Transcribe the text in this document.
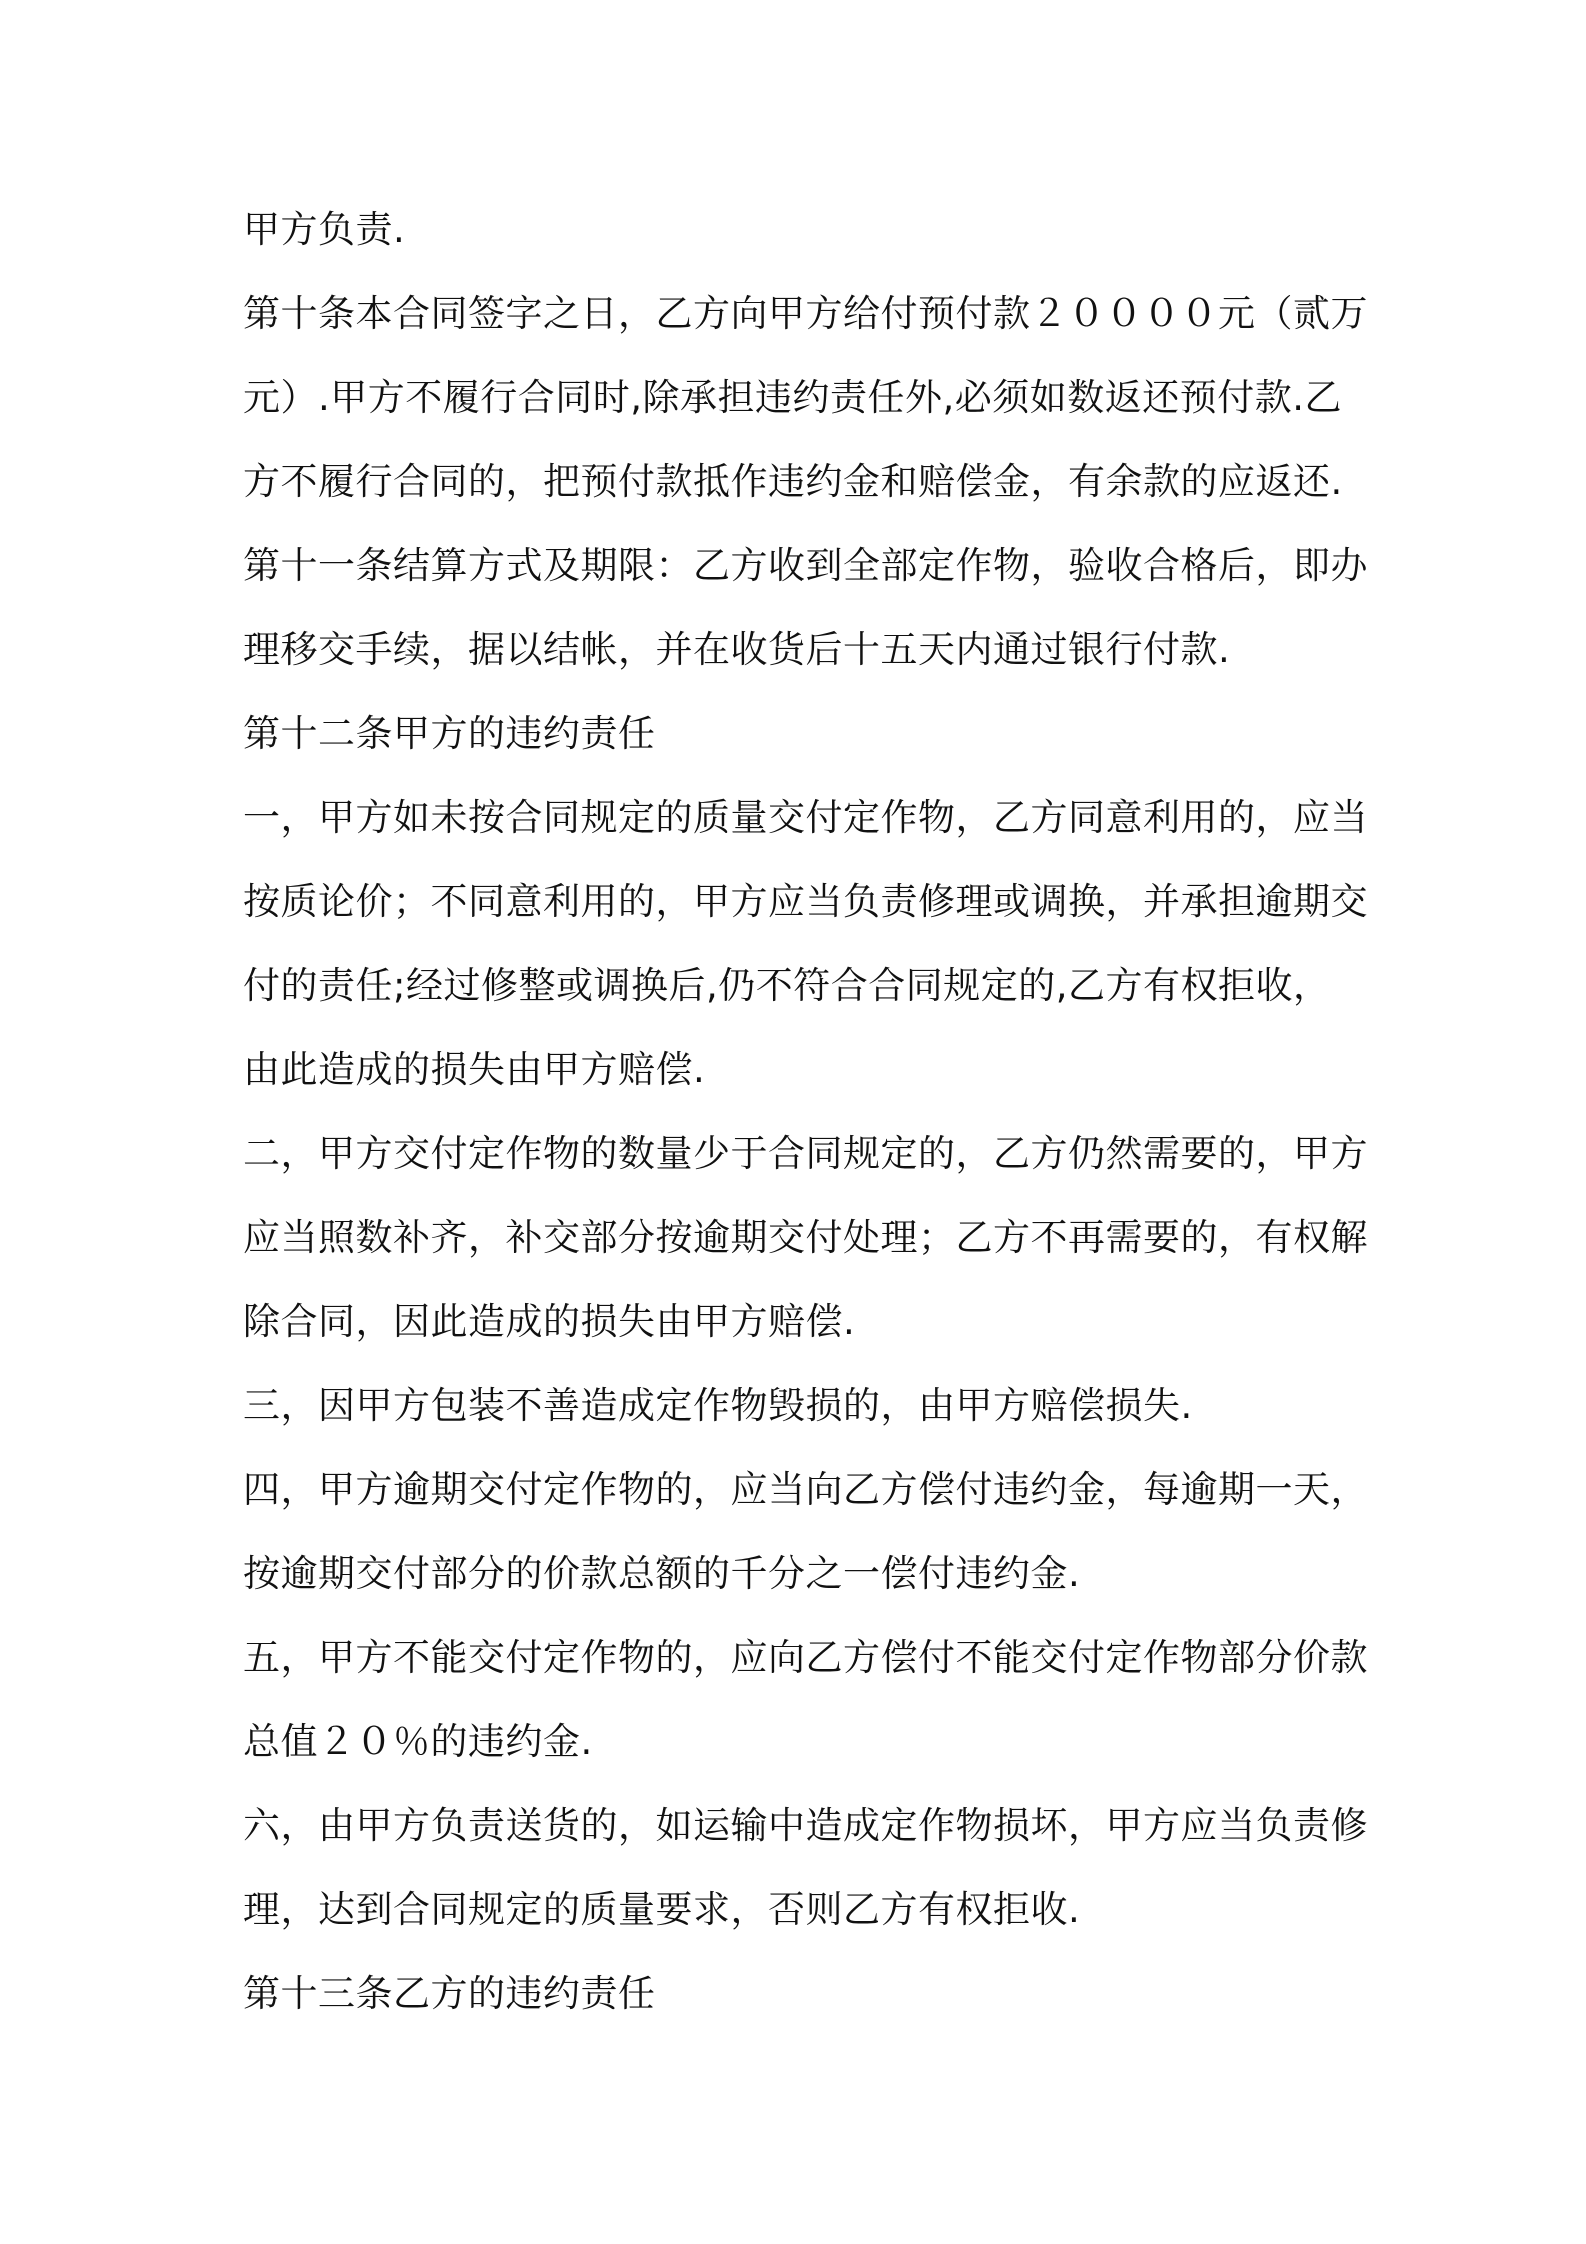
甲方负责.
第十条本合同签字之日，乙方向甲方给付预付款２００００元（贰万
元）.甲方不履行合同时,除承担违约责任外,必须如数返还预付款.乙
方不履行合同的，把预付款抵作违约金和赔偿金，有余款的应返还.
第十一条结算方式及期限：乙方收到全部定作物，验收合格后，即办
理移交手续，据以结帐，并在收货后十五天内通过银行付款.
第十二条甲方的违约责任
一，甲方如未按合同规定的质量交付定作物，乙方同意利用的，应当
按质论价；不同意利用的，甲方应当负责修理或调换，并承担逾期交
付的责任;经过修整或调换后,仍不符合合同规定的,乙方有权拒收，
由此造成的损失由甲方赔偿.
二，甲方交付定作物的数量少于合同规定的，乙方仍然需要的，甲方
应当照数补齐，补交部分按逾期交付处理；乙方不再需要的，有权解
除合同，因此造成的损失由甲方赔偿.
三，因甲方包装不善造成定作物毁损的，由甲方赔偿损失.
四，甲方逾期交付定作物的，应当向乙方偿付违约金，每逾期一天，
按逾期交付部分的价款总额的千分之一偿付违约金.
五，甲方不能交付定作物的，应向乙方偿付不能交付定作物部分价款
总值２０％的违约金.
六，由甲方负责送货的，如运输中造成定作物损坏，甲方应当负责修
理，达到合同规定的质量要求，否则乙方有权拒收.
第十三条乙方的违约责任
